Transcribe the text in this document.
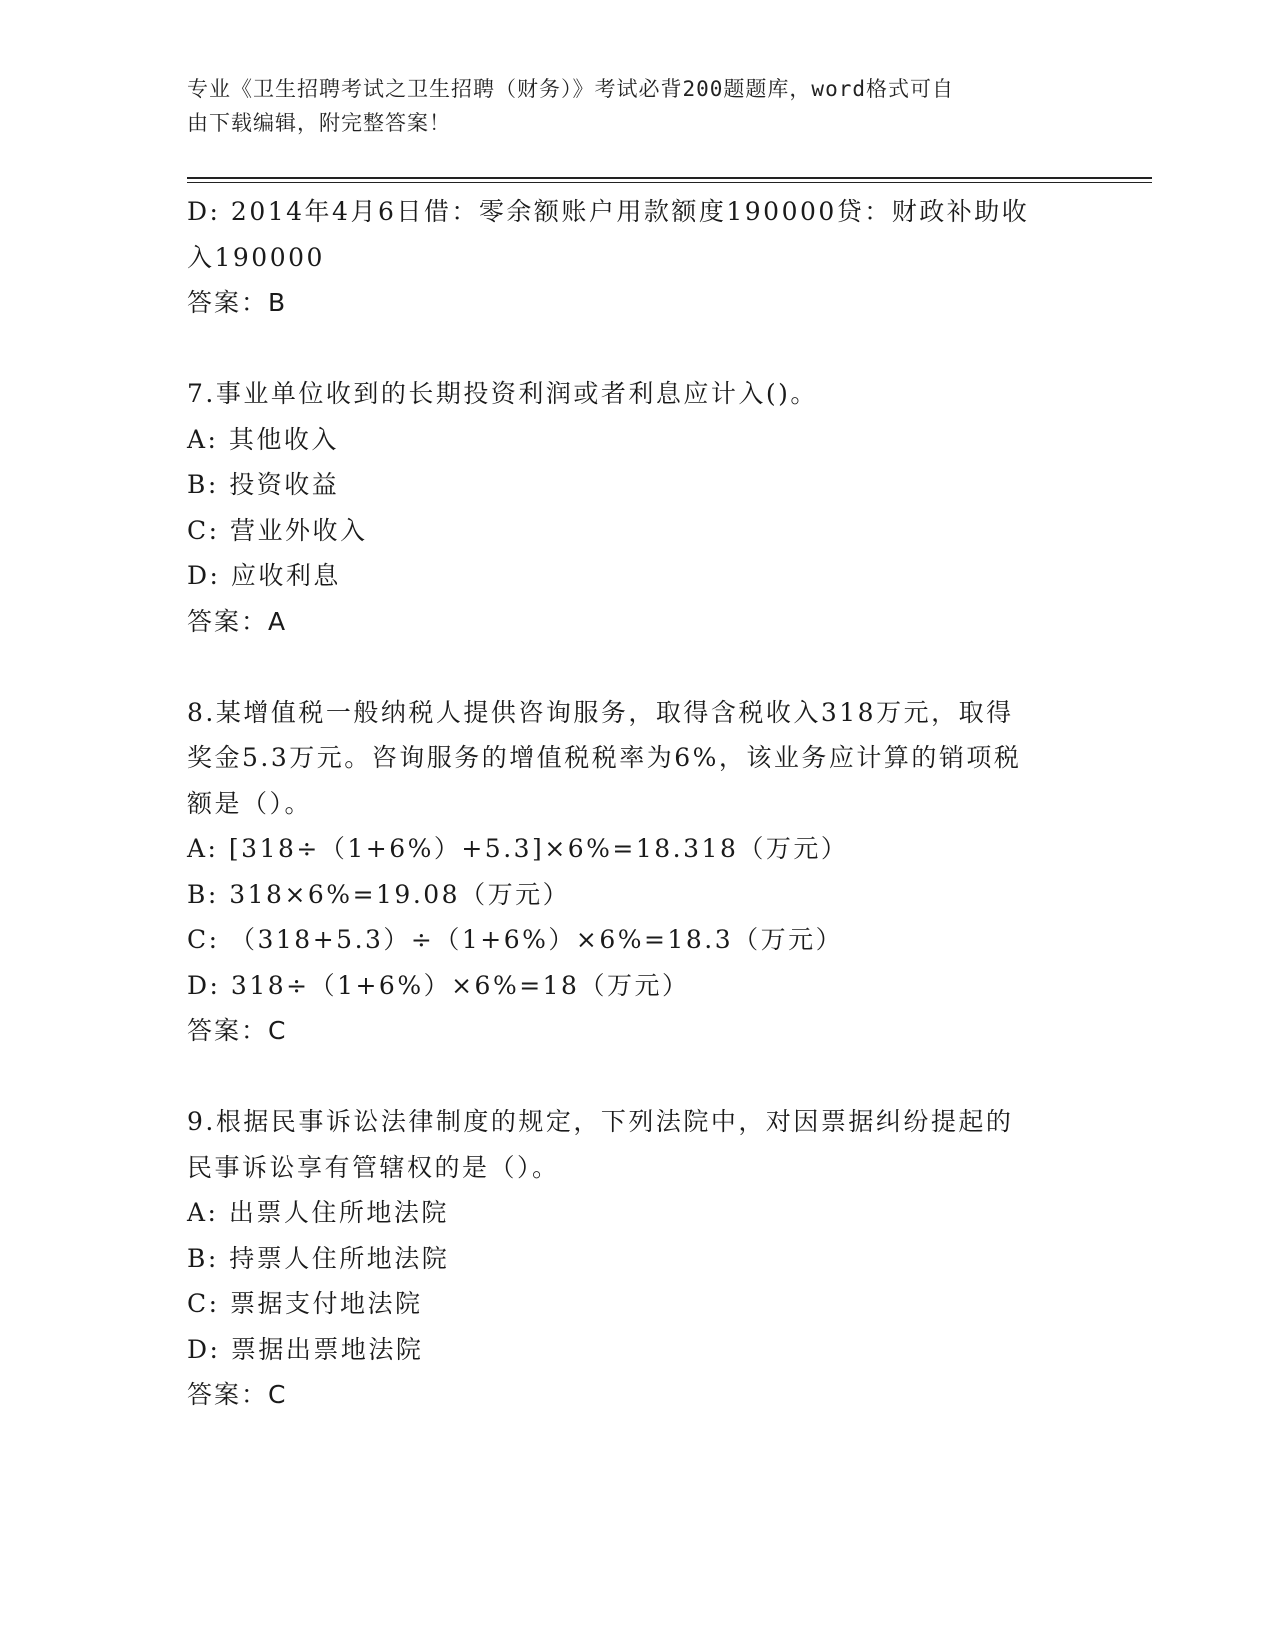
专业《卫生招聘考试之卫生招聘（财务）》考试必背200题题库，word格式可自
由下载编辑，附完整答案！
D: 2014年4月6日借：零余额账户用款额度190000贷：财政补助收
入190000
答案：B
7.事业单位收到的长期投资利润或者利息应计入()。
A: 其他收入
B: 投资收益
C: 营业外收入
D: 应收利息
答案：A
8.某增值税一般纳税人提供咨询服务，取得含税收入318万元，取得
奖金5.3万元。咨询服务的增值税税率为6%，该业务应计算的销项税
额是（）。
A: [318÷（1+6%）+5.3]×6%=18.318（万元）
B: 318×6%=19.08（万元）
C: （318+5.3）÷（1+6%）×6%=18.3（万元）
D: 318÷（1+6%）×6%=18（万元）
答案：C
9.根据民事诉讼法律制度的规定，下列法院中，对因票据纠纷提起的
民事诉讼享有管辖权的是（）。
A: 出票人住所地法院
B: 持票人住所地法院
C: 票据支付地法院
D: 票据出票地法院
答案：C
